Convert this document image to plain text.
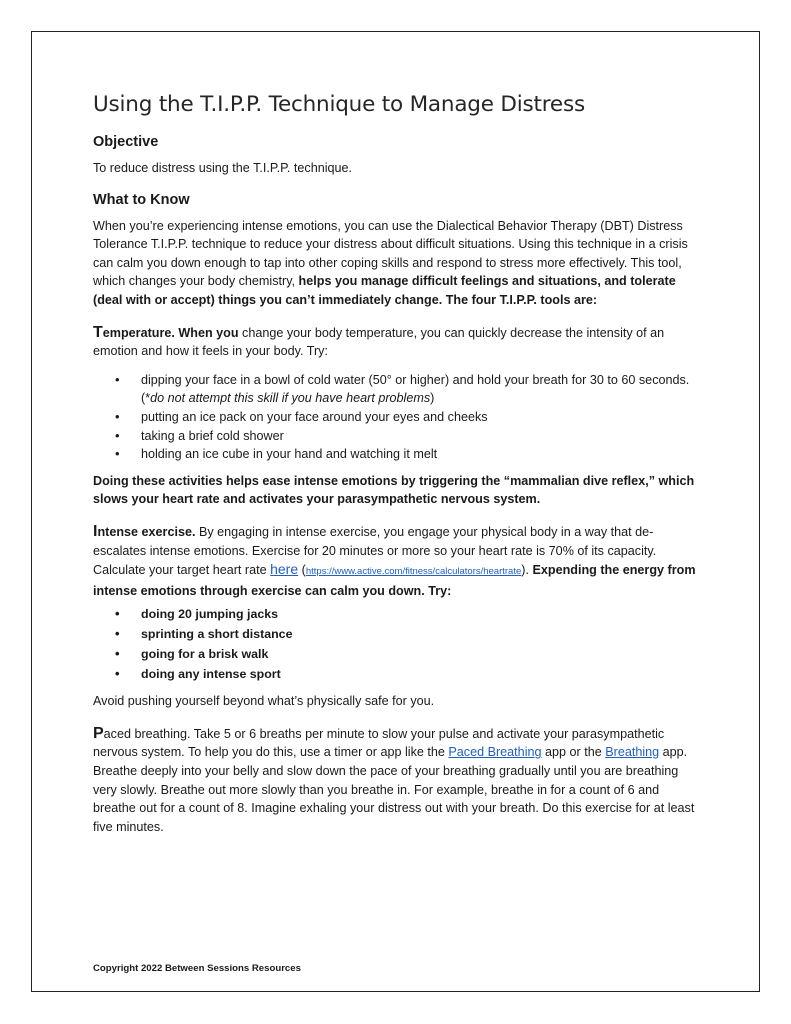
Using the T.I.P.P. Technique to Manage Distress
Objective

To reduce distress using the T.I.P.P. technique.

What to Know

When you’re experiencing intense emotions, you can use the Dialectical Behavior Therapy (DBT) Distress Tolerance T.I.P.P. technique to reduce your distress about difficult situations. Using this technique in a crisis can calm you down enough to tap into other coping skills and respond to stress more effectively. This tool, which changes your body chemistry, helps you manage difficult feelings and situations, and tolerate (deal with or accept) things you can’t immediately change. The four T.I.P.P. tools are:

Temperature. When you change your body temperature, you can quickly decrease the intensity of an emotion and how it feels in your body. Try:

• dipping your face in a bowl of cold water (50° or higher) and hold your breath for 30 to 60 seconds. (*do not attempt this skill if you have heart problems)
• putting an ice pack on your face around your eyes and cheeks
• taking a brief cold shower
• holding an ice cube in your hand and watching it melt

Doing these activities helps ease intense emotions by triggering the “mammalian dive reflex,” which slows your heart rate and activates your parasympathetic nervous system.

Intense exercise. By engaging in intense exercise, you engage your physical body in a way that de-escalates intense emotions. Exercise for 20 minutes or more so your heart rate is 70% of its capacity. Calculate your target heart rate here (https://www.active.com/fitness/calculators/heartrate). Expending the energy from intense emotions through exercise can calm you down. Try:

• doing 20 jumping jacks
• sprinting a short distance
• going for a brisk walk
• doing any intense sport

Avoid pushing yourself beyond what’s physically safe for you.

Paced breathing. Take 5 or 6 breaths per minute to slow your pulse and activate your parasympathetic nervous system. To help you do this, use a timer or app like the Paced Breathing app or the Breathing app. Breathe deeply into your belly and slow down the pace of your breathing gradually until you are breathing very slowly. Breathe out more slowly than you breathe in. For example, breathe in for a count of 6 and breathe out for a count of 8. Imagine exhaling your distress out with your breath. Do this exercise for at least five minutes.

Copyright 2022 Between Sessions Resources
